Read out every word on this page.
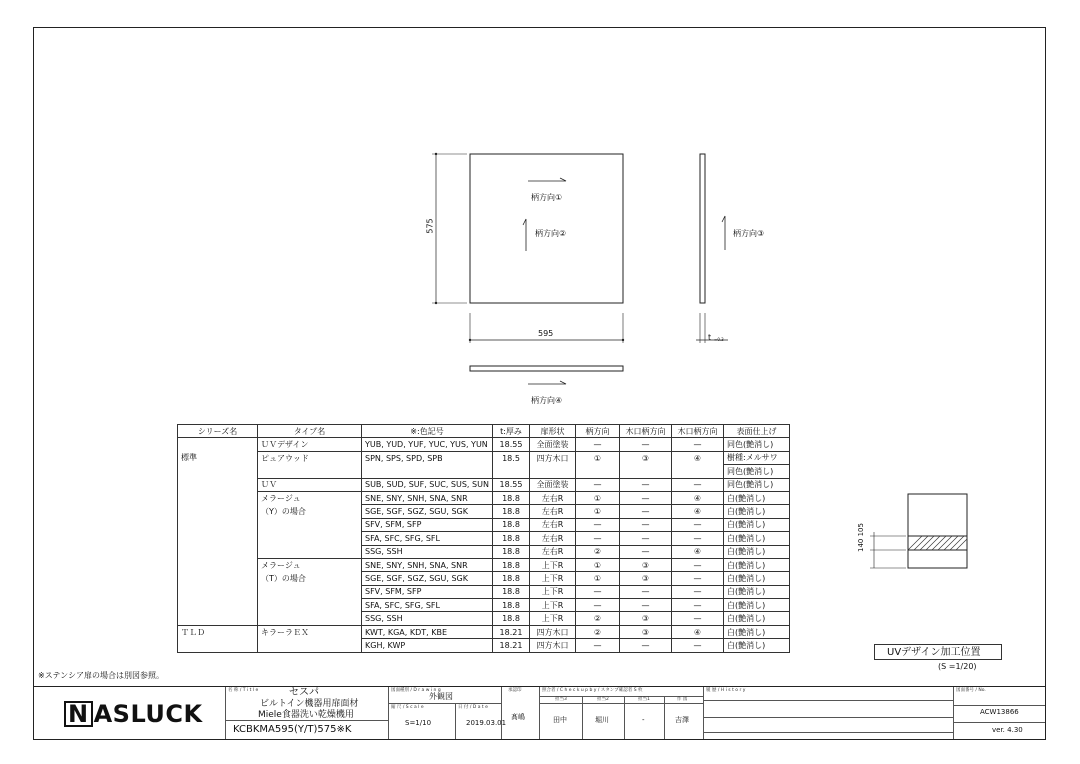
575
595	t =0.3
柄方向①
柄方向②	柄方向③
柄方向④
シリーズ名	タイプ名	※:色記号	t:厚み	扉形状	柄方向	木口柄方向	木口柄方向	表面仕上げ
	ＵＶデザイン	YUB, YUD, YUF, YUC, YUS, YUN	18.55	全面塗装	—	—	—	同色(艶消し)
標準	ピュアウッド	SPN, SPS, SPD, SPB	18.5	四方木口	①	③	④	樹種:メルサワ
								同色(艶消し)
	ＵＶ	SUB, SUD, SUF, SUC, SUS, SUN	18.55	全面塗装	—	—	—	同色(艶消し)
	メラージュ	SNE, SNY, SNH, SNA, SNR	18.8	左右R	①	—	④	白(艶消し)
	（Y）の場合	SGE, SGF, SGZ, SGU, SGK	18.8	左右R	①	—	④	白(艶消し)
		SFV, SFM, SFP	18.8	左右R	—	—	—	白(艶消し)
		SFA, SFC, SFG, SFL	18.8	左右R	—	—	—	白(艶消し)
		SSG, SSH	18.8	左右R	②	—	④	白(艶消し)
	メラージュ	SNE, SNY, SNH, SNA, SNR	18.8	上下R	①	③	—	白(艶消し)
	（T）の場合	SGE, SGF, SGZ, SGU, SGK	18.8	上下R	①	③	—	白(艶消し)
		SFV, SFM, SFP	18.8	上下R	—	—	—	白(艶消し)
		SFA, SFC, SFG, SFL	18.8	上下R	—	—	—	白(艶消し)
		SSG, SSH	18.8	上下R	②	③	—	白(艶消し)
ＴＬＤ	キラーラＥＸ	KWT, KGA, KDT, KBE	18.21	四方木口	②	③	④	白(艶消し)
		KGH, KWP	18.21	四方木口	—	—	—	白(艶消し)
※ステンシア扉の場合は別図参照。
UVデザイン加工位置
(S =1/20)
140 105
N ASLUCK
名 称 / T i t l e	セスパ
ビルトイン機器用扉面材
Miele食器洗い乾燥機用
KCBKMA595(Y/T)575※K
図面種別 / D r a w i n g
外観図
縮 尺 / S c a l e
S=1/10
日 付 / D a t e
2019.03.01
承認印
髙嶋
照合者 / C h e c k u p b y / スタンプ確認者 S 枚
担当3	担当2	担当1	作 図
田中	堀川	-	吉澤
履 歴 / H i s t o r y	図面番号 / No.
ACW13866
ver. 4.30
